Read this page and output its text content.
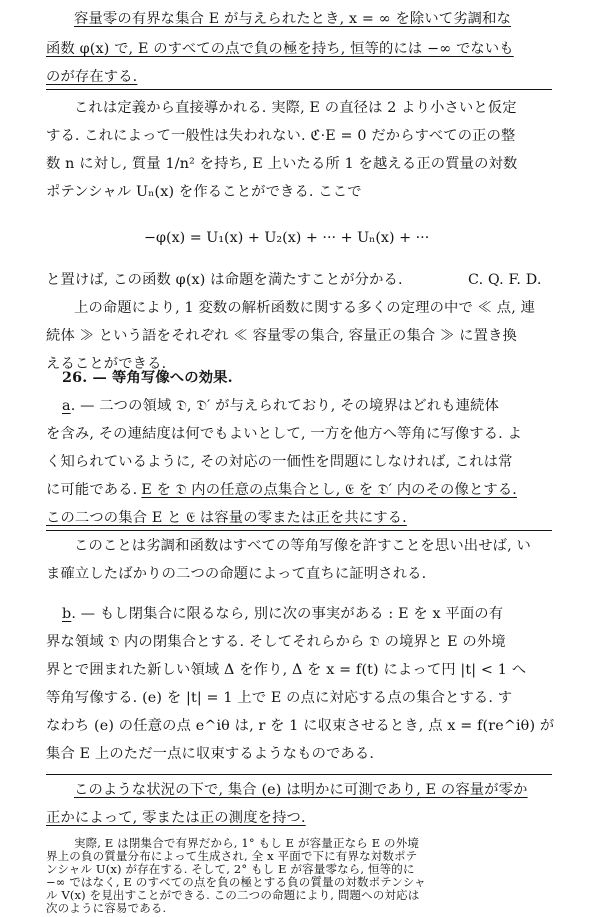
容量零の有界な集合 E が与えられたとき, x = ∞ を除いて劣調和な
函数 φ(x) で, E のすべての点で負の極を持ち, 恒等的には −∞ でないも
のが存在する.
これは定義から直接導かれる. 実際, E の直径は 2 より小さいと仮定
する. これによって一般性は失われない. ℭ·E = 0 だからすべての正の整
数 n に対し, 質量 1/n² を持ち, E 上いたる所 1 を越える正の質量の対数
ポテンシャル Uₙ(x) を作ることができる. ここで
−φ(x) = U₁(x) + U₂(x) + ··· + Uₙ(x) + ···
と置けば, この函数 φ(x) は命題を満たすことが分かる.	C. Q. F. D.
上の命題により, 1 変数の解析函数に関する多くの定理の中で ≪ 点, 連
続体 ≫ という語をそれぞれ ≪ 容量零の集合, 容量正の集合 ≫ に置き換
えることができる.
26. — 等角写像への効果.
a. — 二つの領域 𝔇, 𝔇′ が与えられており, その境界はどれも連続体
を含み, その連結度は何でもよいとして, 一方を他方へ等角に写像する. よ
く知られているように, その対応の一価性を問題にしなければ, これは常
に可能である. E を 𝔇 内の任意の点集合とし, 𝔈 を 𝔇′ 内のその像とする.
この二つの集合 E と 𝔈 は容量の零または正を共にする.
このことは劣調和函数はすべての等角写像を許すことを思い出せば, い
ま確立したばかりの二つの命題によって直ちに証明される.
b. — もし閉集合に限るなら, 別に次の事実がある : E を x 平面の有
界な領域 𝔇 内の閉集合とする. そしてそれらから 𝔇 の境界と E の外境
界とで囲まれた新しい領域 Δ を作り, Δ を x = f(t) によって円 |t| < 1 へ
等角写像する. (e) を |t| = 1 上で E の点に対応する点の集合とする. す
なわち (e) の任意の点 e^iθ は, r を 1 に収束させるとき, 点 x = f(re^iθ) が
集合 E 上のただ一点に収束するようなものである.
このような状況の下で, 集合 (e) は明かに可測であり, E の容量が零か
正かによって, 零または正の測度を持つ.
実際, E は閉集合で有界だから, 1° もし E が容量正なら E の外境
界上の負の質量分布によって生成され, 全 x 平面で下に有界な対数ポテ
ンシャル U(x) が存在する. そして, 2° もし E が容量零なら, 恒等的に
−∞ ではなく, E のすべての点を負の極とする負の質量の対数ポテンシャ
ル V(x) を見出すことができる. この二つの命題により, 問題への対応は
次のように容易である.
